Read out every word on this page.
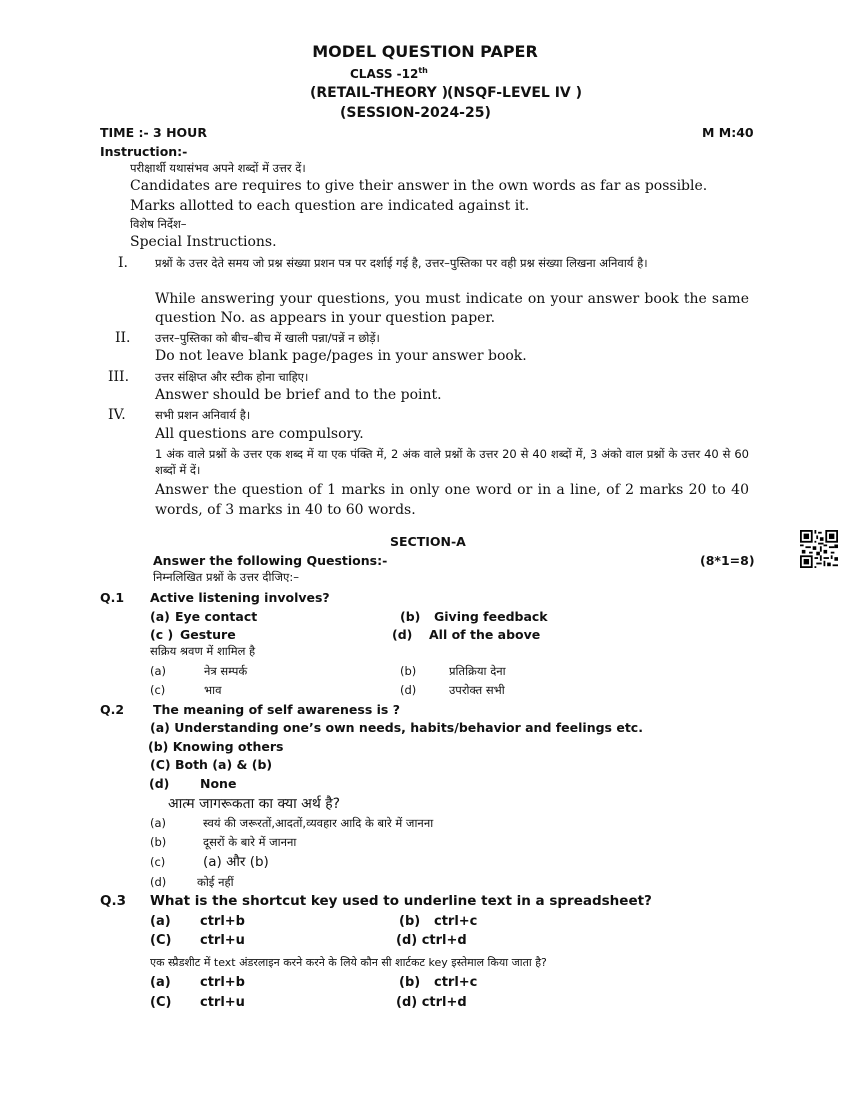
MODEL QUESTION PAPER
CLASS -12th
(RETAIL-THEORY )
(NSQF-LEVEL IV )
(SESSION-2024-25)
TIME :- 3 HOUR	M M:40
Instruction:-
परीक्षार्थी यथासंभव अपने शब्दों में उत्तर दें।
Candidates are requires to give their answer in the own words as far as possible.
Marks allotted to each question are indicated against it.
विशेष निर्देश–
Special Instructions.
I. प्रश्नों के उत्तर देते समय जो प्रश्न संख्या प्रशन पत्र पर दर्शाई गई है, उत्तर–पुस्तिका पर वही प्रश्न संख्या लिखना अनिवार्य है।
While answering your questions, you must indicate on your answer book the same question No. as appears in your question paper.
II. उत्तर–पुस्तिका को बीच–बीच में खाली पन्ना/पन्नें न छोड़ें।
Do not leave blank page/pages in your answer book.
III. उत्तर संक्षिप्त और स्टीक होना चाहिए।
Answer should be brief and to the point.
IV.	सभी प्रशन अनिवार्य है।
All questions are compulsory.
1 अंक वाले प्रश्नों के उत्तर एक शब्द में या एक पंक्ति में, 2 अंक वाले प्रश्नों के उत्तर 20 से 40 शब्दों में, 3 अंको वाल प्रश्नों के उत्तर 40 से 60 शब्दों में दें।
Answer the question of 1 marks in only one word or in a line, of 2 marks 20 to 40 words, of 3 marks in 40 to 60 words.
SECTION-A
Answer the following Questions:-	(8*1=8)
निम्नलिखित प्रश्नों के उत्तर दीजिए:–
Q.1 Active listening involves?
(a) Eye contact	(b) Giving feedback
(c ) Gesture	(d) All of the above
सक्रिय श्रवण में शामिल है
(a)	नेत्र सम्पर्क	(b)	प्रतिक्रिया देना
(c)	भाव	(d)	उपरोक्त सभी
Q.2 The meaning of self awareness is ?
(a) Understanding one’s own needs, habits/behavior and feelings etc.
(b) Knowing others
(C) Both (a) & (b)
(d) None
आत्म जागरूकता का क्या अर्थ है?
(a)	स्वयं की जरूरतों,आदतों,व्यवहार आदि के बारे में जानना
(b)	दूसरों के बारे में जानना
(c)	(a) और (b)
(d)	कोई नहीं
Q.3 What is the shortcut key used to underline text in a spreadsheet?
(a) ctrl+b	(b) ctrl+c
(C) ctrl+u	(d) ctrl+d
एक स्प्रैडशीट में text अंडरलाइन करने करने के लिये कौन सी शार्टकट key इस्तेमाल किया जाता है?
(a) ctrl+b	(b) ctrl+c
(C) ctrl+u	(d) ctrl+d
